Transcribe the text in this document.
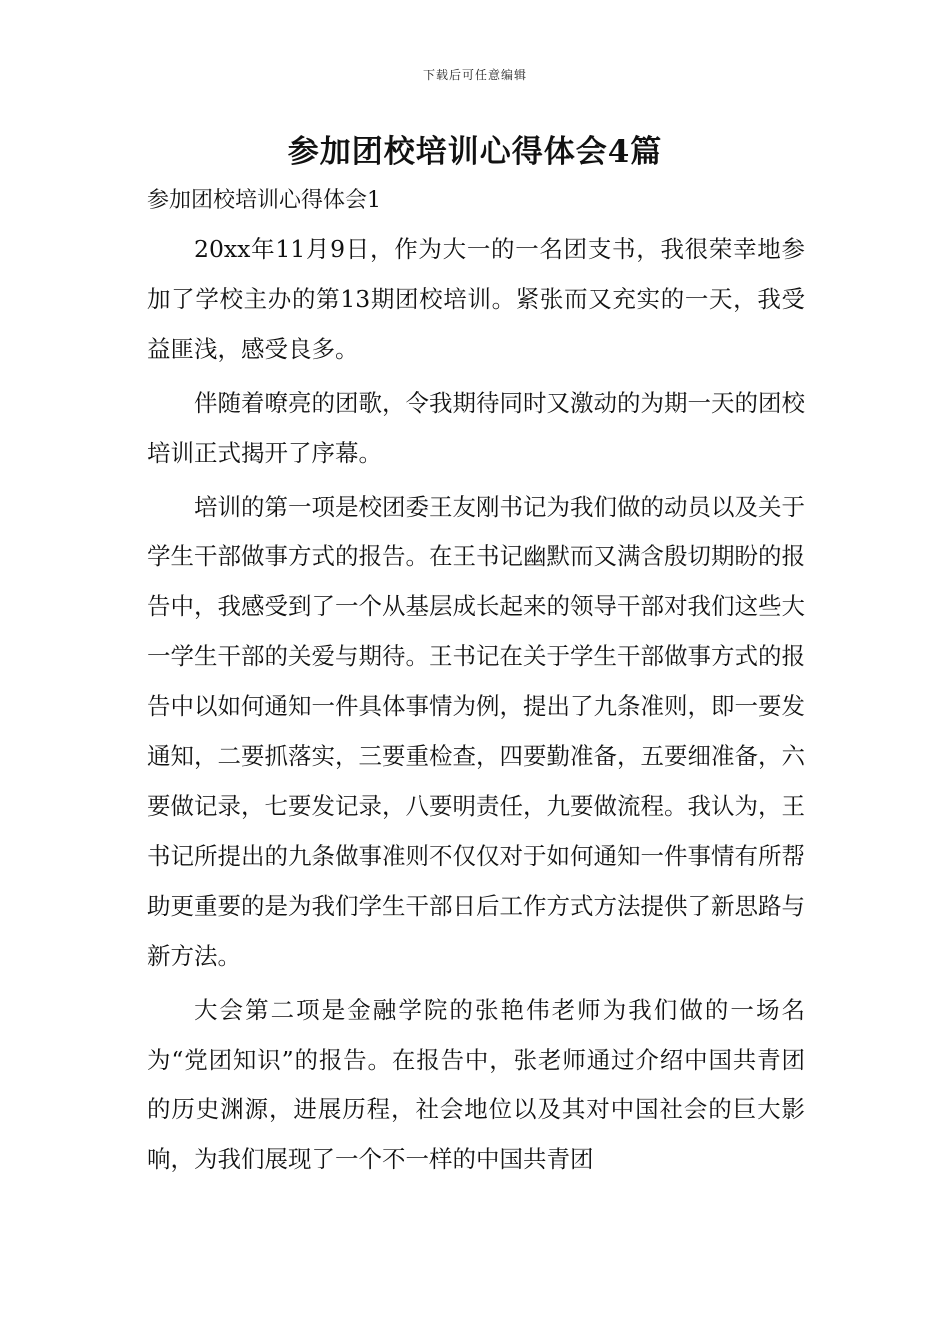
下载后可任意编辑
参加团校培训心得体会4篇
参加团校培训心得体会1

20xx年11月9日，作为大一的一名团支书，我很荣幸地参加了学校主办的第13期团校培训。紧张而又充实的一天，我受益匪浅，感受良多。

伴随着嘹亮的团歌，令我期待同时又激动的为期一天的团校培训正式揭开了序幕。

培训的第一项是校团委王友刚书记为我们做的动员以及关于学生干部做事方式的报告。在王书记幽默而又满含殷切期盼的报告中，我感受到了一个从基层成长起来的领导干部对我们这些大一学生干部的关爱与期待。王书记在关于学生干部做事方式的报告中以如何通知一件具体事情为例，提出了九条准则，即一要发通知，二要抓落实，三要重检查，四要勤准备，五要细准备，六要做记录，七要发记录，八要明责任，九要做流程。我认为，王书记所提出的九条做事准则不仅仅对于如何通知一件事情有所帮助更重要的是为我们学生干部日后工作方式方法提供了新思路与新方法。

大会第二项是金融学院的张艳伟老师为我们做的一场名为“党团知识”的报告。在报告中，张老师通过介绍中国共青团的历史渊源，进展历程，社会地位以及其对中国社会的巨大影响，为我们展现了一个不一样的中国共青团
